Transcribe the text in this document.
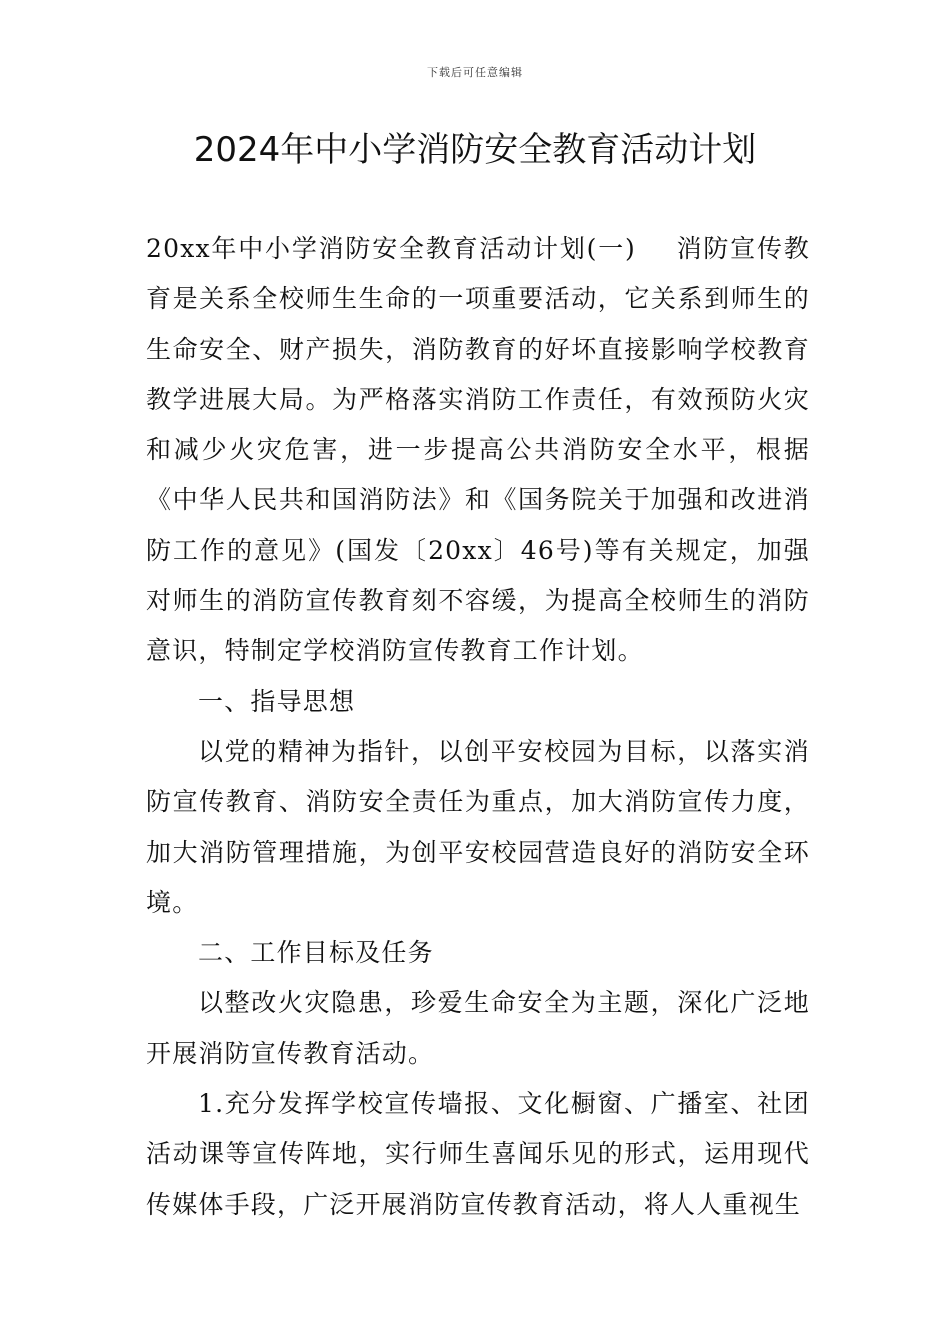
下载后可任意编辑
2024年中小学消防安全教育活动计划

20xx年中小学消防安全教育活动计划(一) 消防宣传教育是关系全校师生生命的一项重要活动，它关系到师生的生命安全、财产损失，消防教育的好坏直接影响学校教育教学进展大局。为严格落实消防工作责任，有效预防火灾和减少火灾危害，进一步提高公共消防安全水平，根据《中华人民共和国消防法》和《国务院关于加强和改进消防工作的意见》(国发〔20xx〕46号)等有关规定，加强对师生的消防宣传教育刻不容缓，为提高全校师生的消防意识，特制定学校消防宣传教育工作计划。

一、指导思想

以党的精神为指针，以创平安校园为目标，以落实消防宣传教育、消防安全责任为重点，加大消防宣传力度，加大消防管理措施，为创平安校园营造良好的消防安全环境。

二、工作目标及任务

以整改火灾隐患，珍爱生命安全为主题，深化广泛地开展消防宣传教育活动。

1.充分发挥学校宣传墙报、文化橱窗、广播室、社团活动课等宣传阵地，实行师生喜闻乐见的形式，运用现代传媒体手段，广泛开展消防宣传教育活动，将人人重视生
